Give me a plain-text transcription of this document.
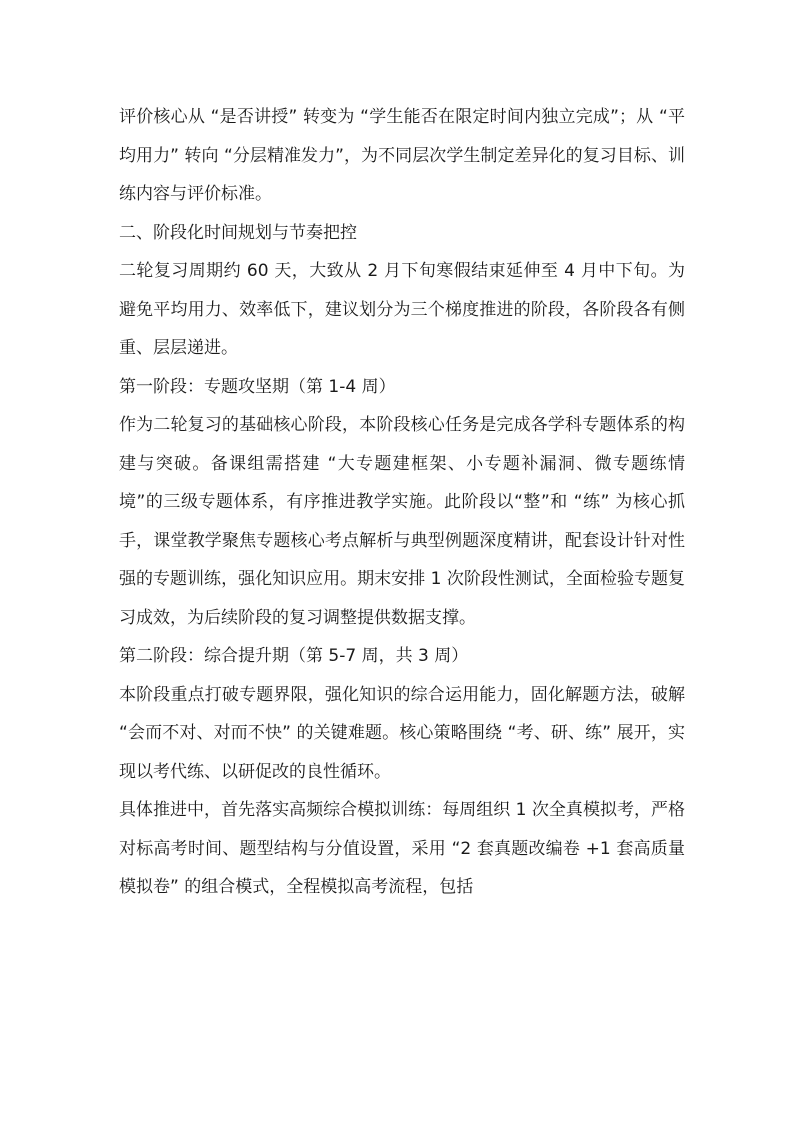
评价核心从 “是否讲授” 转变为 “学生能否在限定时间内独立完成”；从 “平均用力” 转向 “分层精准发力”，为不同层次学生制定差异化的复习目标、训练内容与评价标准。

二、阶段化时间规划与节奏把控

二轮复习周期约 60 天，大致从 2 月下旬寒假结束延伸至 4 月中下旬。为避免平均用力、效率低下，建议划分为三个梯度推进的阶段，各阶段各有侧重、层层递进。

第一阶段：专题攻坚期（第 1-4 周）

作为二轮复习的基础核心阶段，本阶段核心任务是完成各学科专题体系的构建与突破。备课组需搭建 “大专题建框架、小专题补漏洞、微专题练情境”的三级专题体系，有序推进教学实施。此阶段以“整”和 “练” 为核心抓手，课堂教学聚焦专题核心考点解析与典型例题深度精讲，配套设计针对性强的专题训练，强化知识应用。期末安排 1 次阶段性测试，全面检验专题复习成效，为后续阶段的复习调整提供数据支撑。

第二阶段：综合提升期（第 5-7 周，共 3 周）

本阶段重点打破专题界限，强化知识的综合运用能力，固化解题方法，破解 “会而不对、对而不快” 的关键难题。核心策略围绕 “考、研、练” 展开，实现以考代练、以研促改的良性循环。

具体推进中，首先落实高频综合模拟训练：每周组织 1 次全真模拟考，严格对标高考时间、题型结构与分值设置，采用 “2 套真题改编卷 +1 套高质量模拟卷” 的组合模式，全程模拟高考流程，包括
